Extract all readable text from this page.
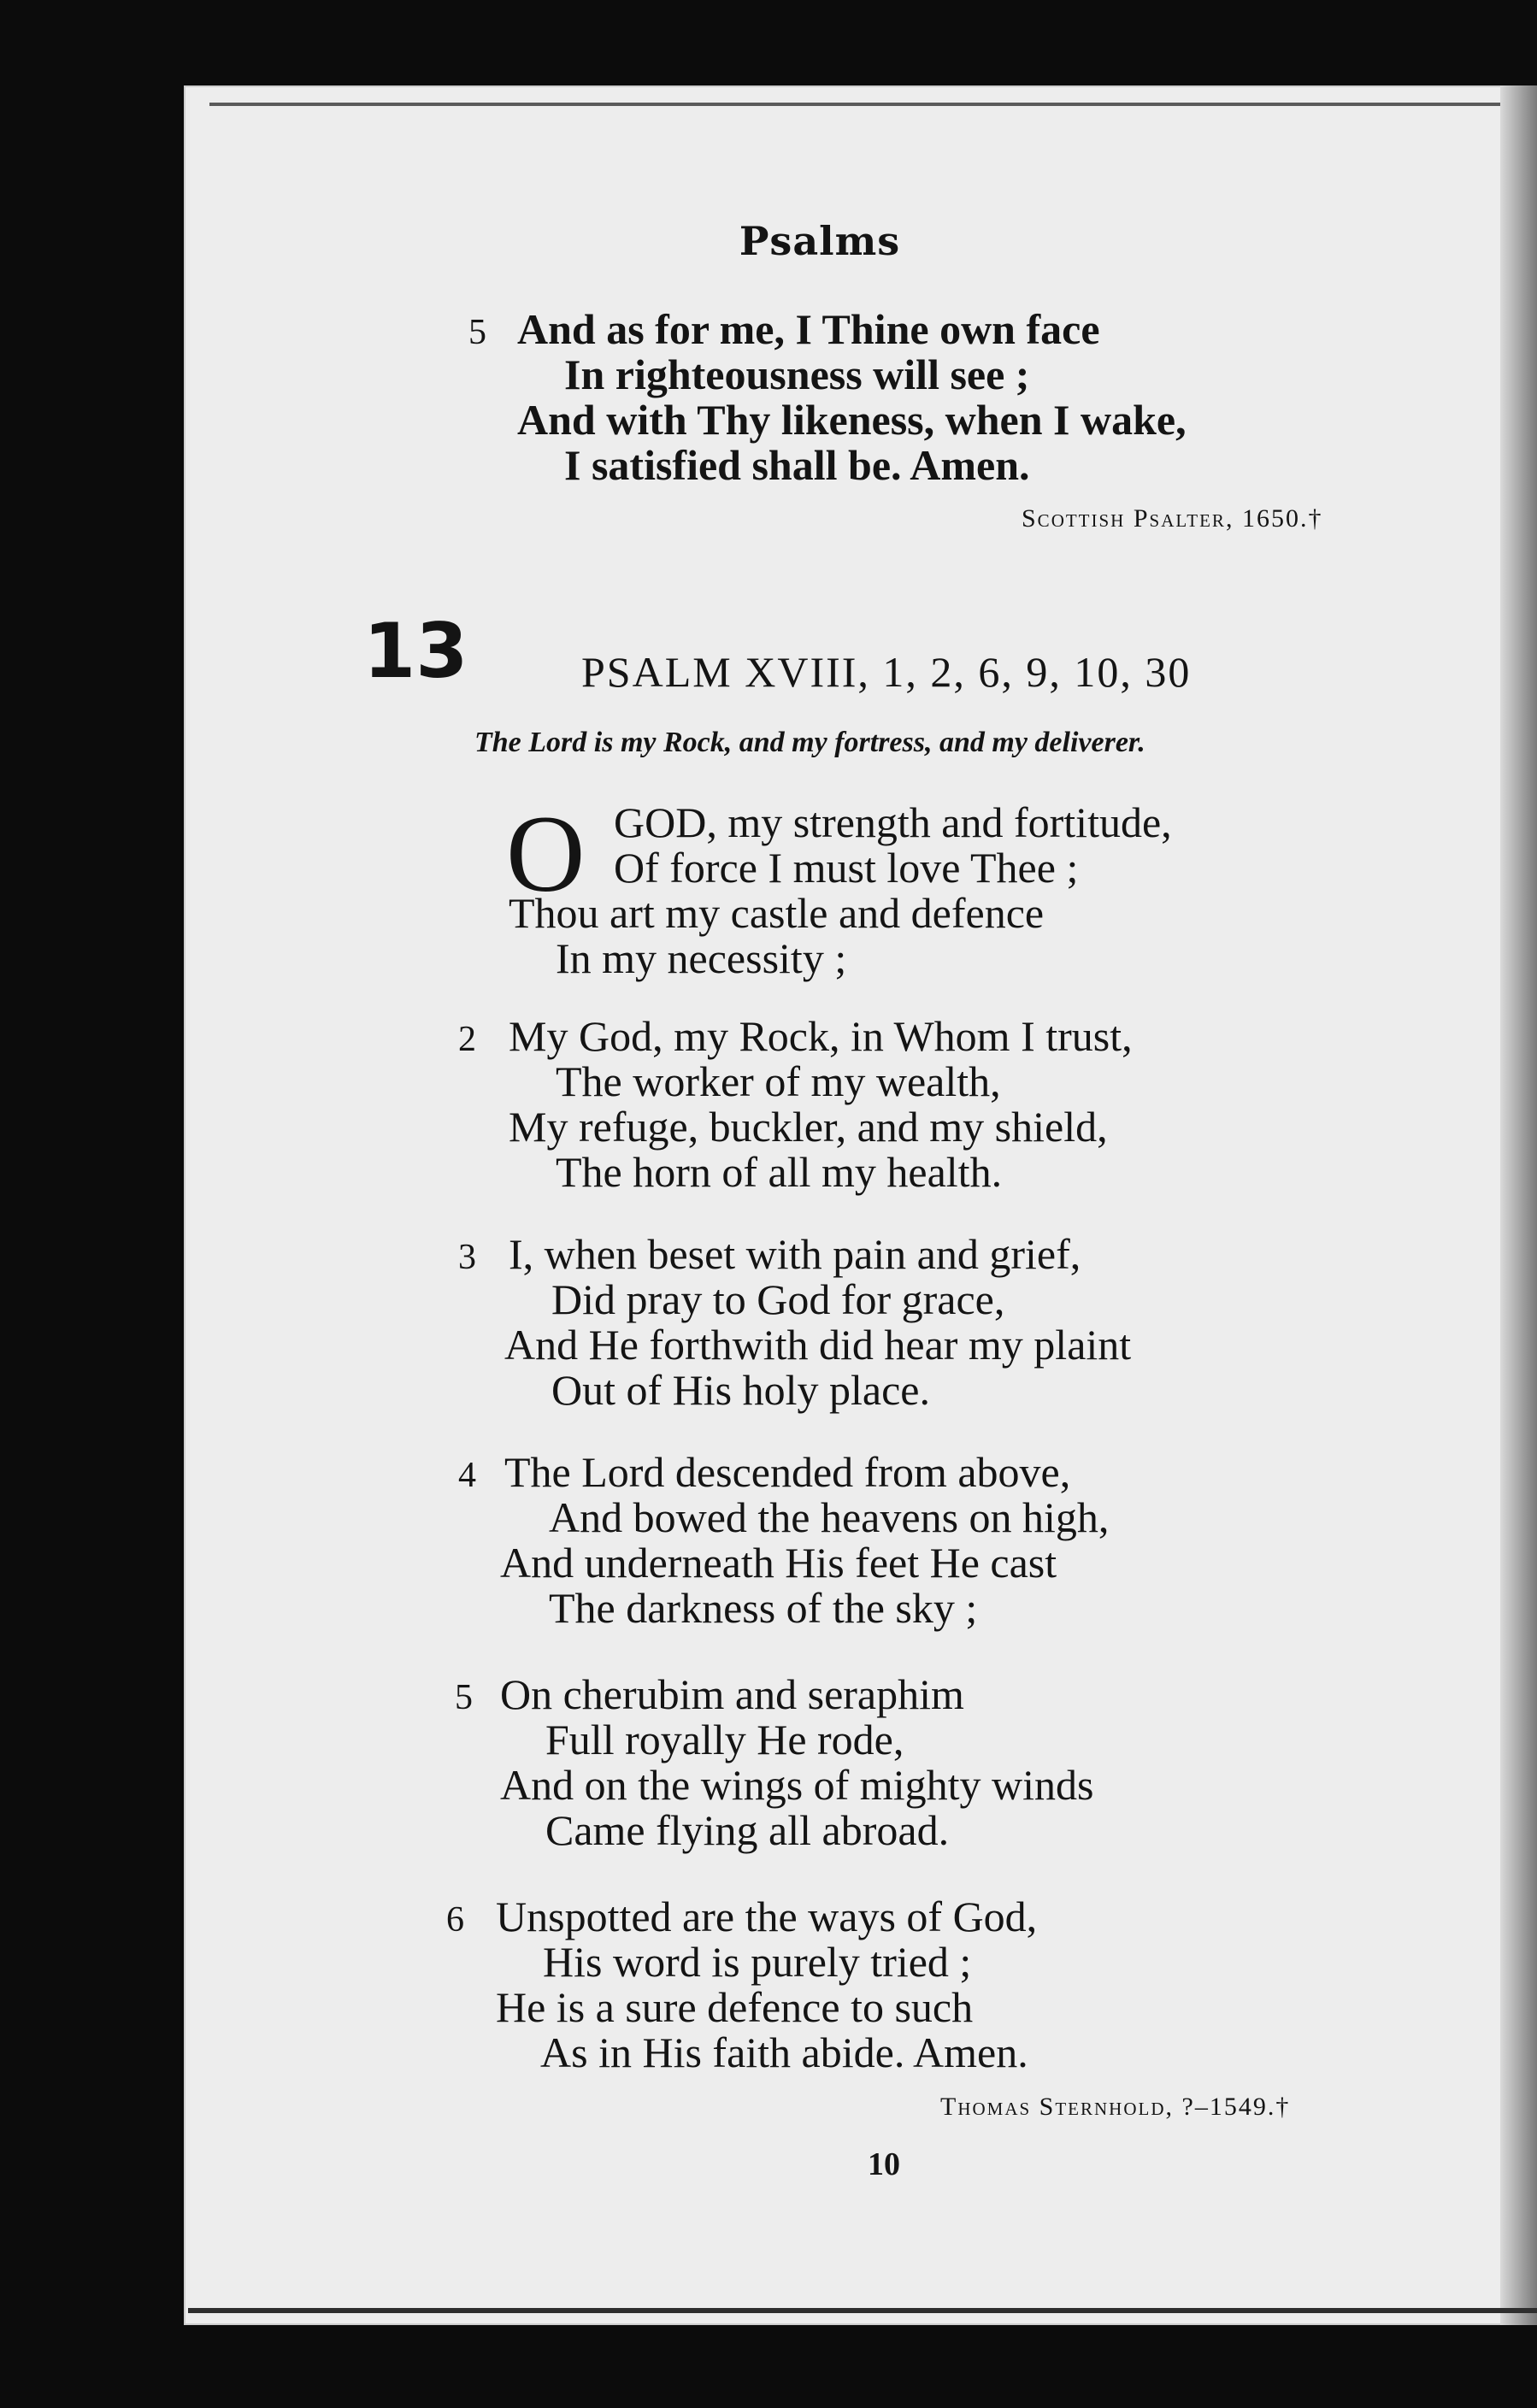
Psalms
5 And as for me, I Thine own face
In righteousness will see ;
And with Thy likeness, when I wake,
I satisfied shall be. Amen.
Scottish Psalter, 1650.†
13	PSALM XVIII, 1, 2, 6, 9, 10, 30
The Lord is my Rock, and my fortress, and my deliverer.
O GOD, my strength and fortitude,
Of force I must love Thee ;
Thou art my castle and defence
In my necessity ;
2 My God, my Rock, in Whom I trust,
The worker of my wealth,
My refuge, buckler, and my shield,
The horn of all my health.
3 I, when beset with pain and grief,
Did pray to God for grace,
And He forthwith did hear my plaint
Out of His holy place.
4 The Lord descended from above,
And bowed the heavens on high,
And underneath His feet He cast
The darkness of the sky ;
5 On cherubim and seraphim
Full royally He rode,
And on the wings of mighty winds
Came flying all abroad.
6 Unspotted are the ways of God,
His word is purely tried ;
He is a sure defence to such
As in His faith abide. Amen.
Thomas Sternhold, ?–1549.†
10
